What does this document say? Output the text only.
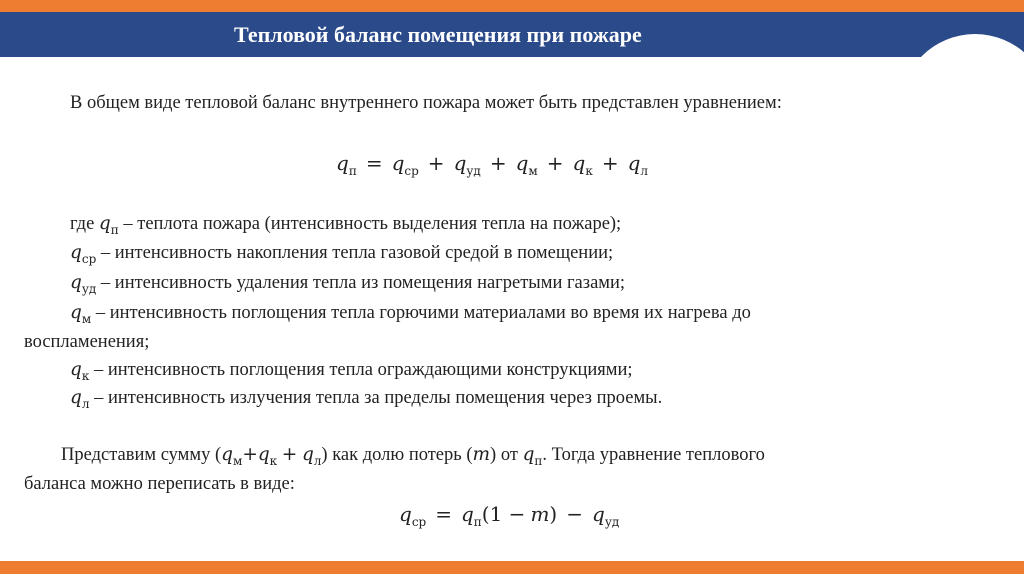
Тепловой баланс помещения при пожаре
В общем виде тепловой баланс внутреннего пожара может быть представлен уравнением:
$q_п = q_{ср} + q_{уд} + q_м + q_к + q_л$
где $q_п$ – теплота пожара (интенсивность выделения тепла на пожаре);
$q_{ср}$ – интенсивность накопления тепла газовой средой в помещении;
$q_{уд}$ – интенсивность удаления тепла из помещения нагретыми газами;
$q_м$ – интенсивность поглощения тепла горючими материалами во время их нагрева до
воспламенения;
$q_к$ – интенсивность поглощения тепла ограждающими конструкциями;
$q_л$ – интенсивность излучения тепла за пределы помещения через проемы.
Представим сумму $(q_м+q_к + q_л)$ как долю потерь (m) от $q_п$. Тогда уравнение теплового
баланса можно переписать в виде:
$q_{ср} = q_п(1 - m) - q_{уд}$
